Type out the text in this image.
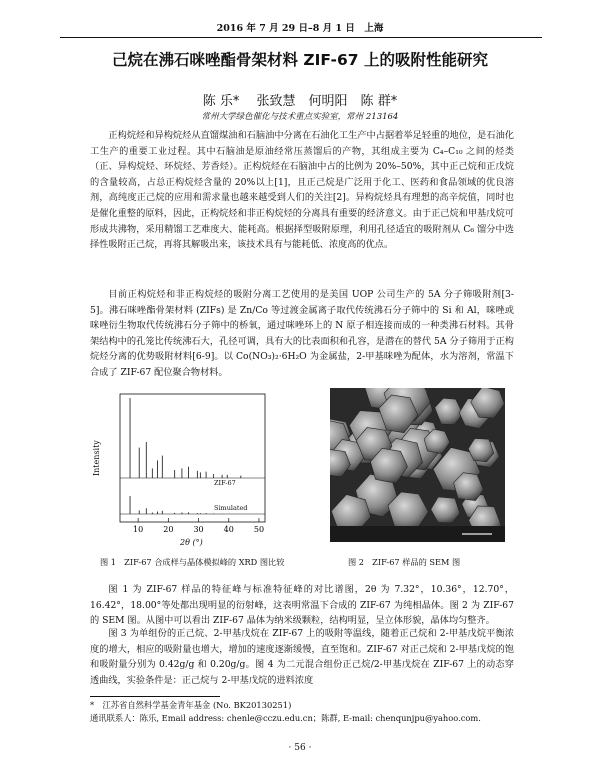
2016 年 7 月 29 日–8 月 1 日　上海
己烷在沸石咪唑酯骨架材料 ZIF-67 上的吸附性能研究
陈 乐* 　张致慧　何明阳　陈 群*
常州大学绿色催化与技术重点实验室，常州 213164

正构烷烃和异构烷烃从直馏煤油和石脑油中分离在石油化工生产中占据着举足轻重的地位，是石油化工生产的重要工业过程。其中石脑油是原油经常压蒸馏后的产物，其组成主要为 C₄–C₁₀ 之间的烃类（正、异构烷烃、环烷烃、芳香烃）。正构烷烃在石脑油中占的比例为 20%–50%，其中正己烷和正戊烷的含量较高，占总正构烷烃含量的 20%以上[1]，且正己烷是广泛用于化工、医药和食品领域的优良溶剂，高纯度正己烷的应用和需求量也越来越受到人们的关注[2]。异构烷烃具有理想的高辛烷值，同时也是催化重整的原料，因此，正构烷烃和非正构烷烃的分离具有重要的经济意义。由于正己烷和甲基戊烷可形成共沸物，采用精馏工艺难度大、能耗高。根据择型吸附原理，利用孔径适宜的吸附剂从 C₆ 馏分中选择性吸附正己烷，再将其解吸出来，该技术具有与能耗低、浓度高的优点。

目前正构烷烃和非正构烷烃的吸附分离工艺使用的是美国 UOP 公司生产的 5A 分子筛吸附剂[3-5]。沸石咪唑酯骨架材料 (ZIFs) 是 Zn/Co 等过渡金属离子取代传统沸石分子筛中的 Si 和 Al，咪唑或咪唑衍生物取代传统沸石分子筛中的桥氧，通过咪唑环上的 N 原子相连接而成的一种类沸石材料。其骨架结构中的孔笼比传统沸石大，孔径可调，具有大的比表面积和孔容，是潜在的替代 5A 分子筛用于正构烷烃分离的优势吸附材料[6-9]。以 Co(NO₃)₂·6H₂O 为金属盐，2-甲基咪唑为配体，水为溶剂，常温下合成了 ZIF-67 配位聚合物材料。

10	20	30	40	50
Intensity
ZIF-67
Simulated
2θ (°)
图 1　ZIF-67 合成样与晶体模拟峰的 XRD 图比较	图 2　ZIF-67 样品的 SEM 图

图 1 为 ZIF-67 样品的特征峰与标准特征峰的对比谱图，2θ 为 7.32°，10.36°，12.70°，16.42°，18.00°等处都出现明显的衍射峰，这表明常温下合成的 ZIF-67 为纯相晶体。图 2 为 ZIF-67 的 SEM 图。从图中可以看出 ZIF-67 晶体为纳米级颗粒，结构明显，呈立体形貌，晶体均匀整齐。

图 3 为单组份的正己烷、2-甲基戊烷在 ZIF-67 上的吸附等温线，随着正己烷和 2-甲基戊烷平衡浓度的增大，相应的吸附量也增大，增加的速度逐渐缓慢，直至饱和。ZIF-67 对正己烷和 2-甲基戊烷的饱和吸附量分别为 0.42g/g 和 0.20g/g。图 4 为二元混合组份正己烷/2-甲基戊烷在 ZIF-67 上的动态穿透曲线，实验条件是：正己烷与 2-甲基戊烷的进料浓度

*　江苏省自然科学基金青年基金 (No. BK20130251)
通讯联系人：陈乐, Email address: chenle@cczu.edu.cn；陈群, E-mail: chenqunjpu@yahoo.com.
· 56 ·
